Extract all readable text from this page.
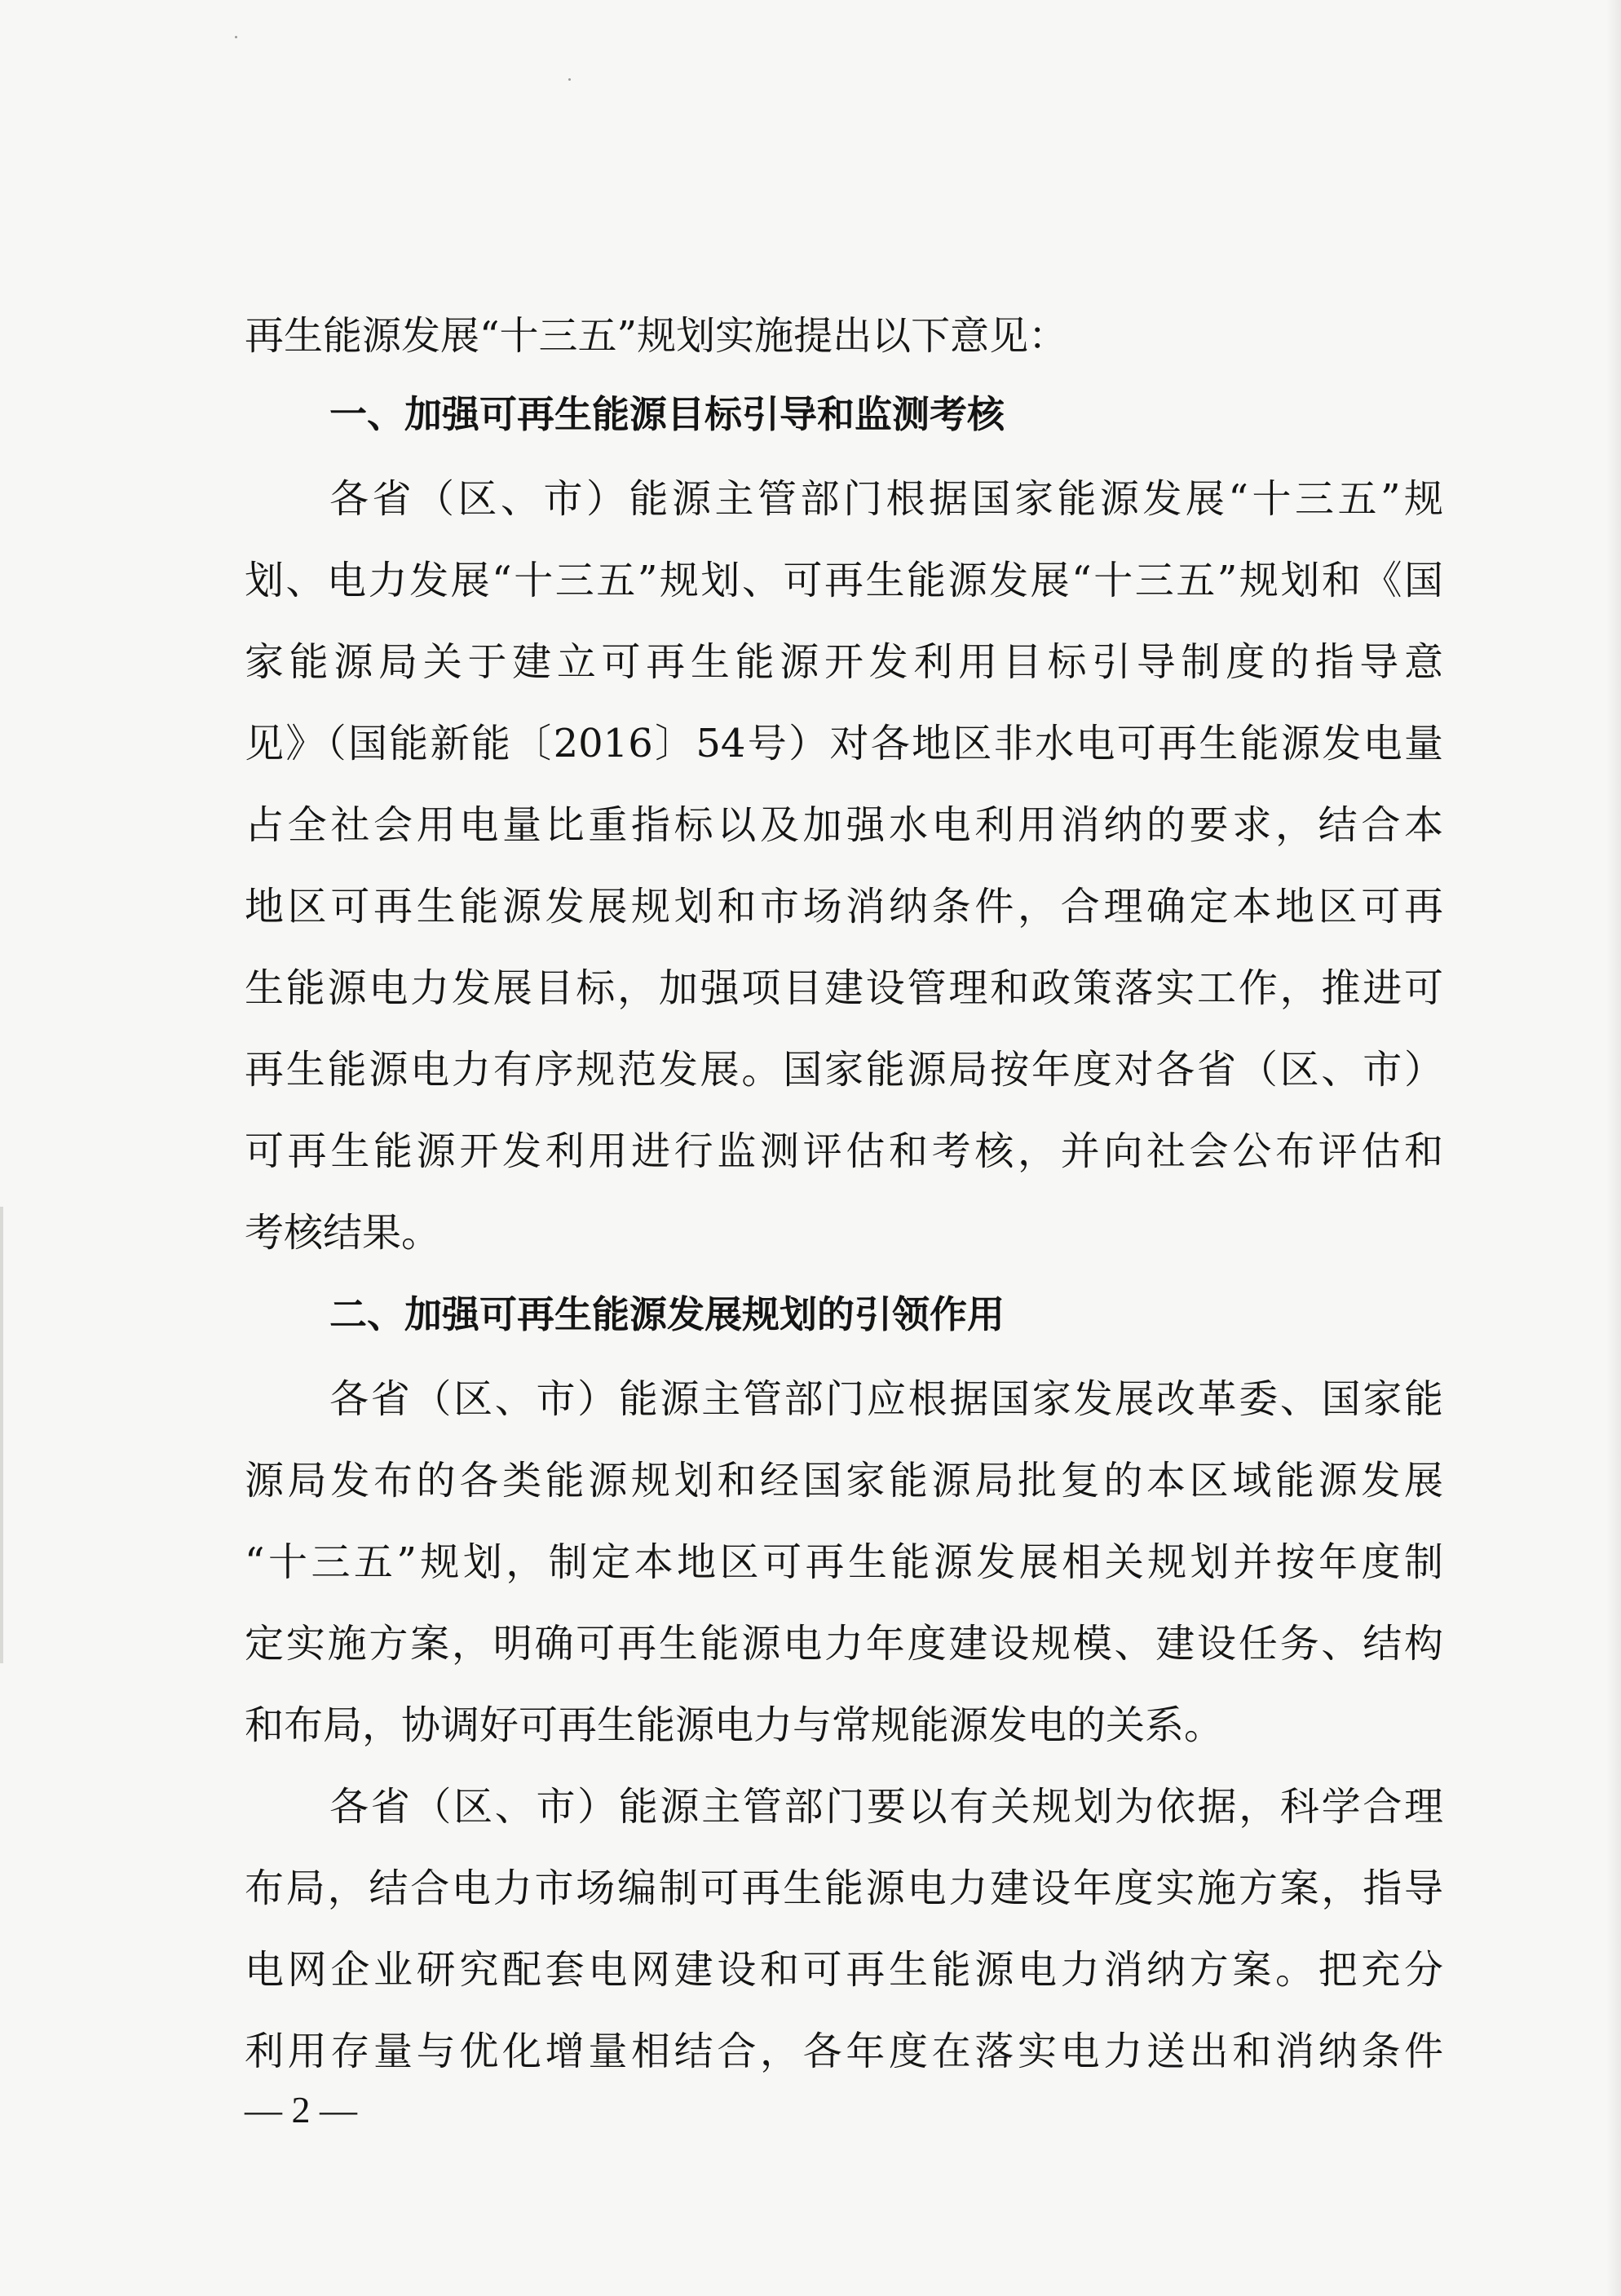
再生能源发展“十三五”规划实施提出以下意见：
一、加强可再生能源目标引导和监测考核
各省（区、市）能源主管部门根据国家能源发展“十三五”规
划、电力发展“十三五”规划、可再生能源发展“十三五”规划和《国
家能源局关于建立可再生能源开发利用目标引导制度的指导意
见》（国能新能〔2016〕54号）对各地区非水电可再生能源发电量
占全社会用电量比重指标以及加强水电利用消纳的要求，结合本
地区可再生能源发展规划和市场消纳条件，合理确定本地区可再
生能源电力发展目标，加强项目建设管理和政策落实工作，推进可
再生能源电力有序规范发展。国家能源局按年度对各省（区、市）
可再生能源开发利用进行监测评估和考核，并向社会公布评估和
考核结果。
二、加强可再生能源发展规划的引领作用
各省（区、市）能源主管部门应根据国家发展改革委、国家能
源局发布的各类能源规划和经国家能源局批复的本区域能源发展
“十三五”规划，制定本地区可再生能源发展相关规划并按年度制
定实施方案，明确可再生能源电力年度建设规模、建设任务、结构
和布局，协调好可再生能源电力与常规能源发电的关系。
各省（区、市）能源主管部门要以有关规划为依据，科学合理
布局，结合电力市场编制可再生能源电力建设年度实施方案，指导
电网企业研究配套电网建设和可再生能源电力消纳方案。把充分
利用存量与优化增量相结合，各年度在落实电力送出和消纳条件
— 2 —
